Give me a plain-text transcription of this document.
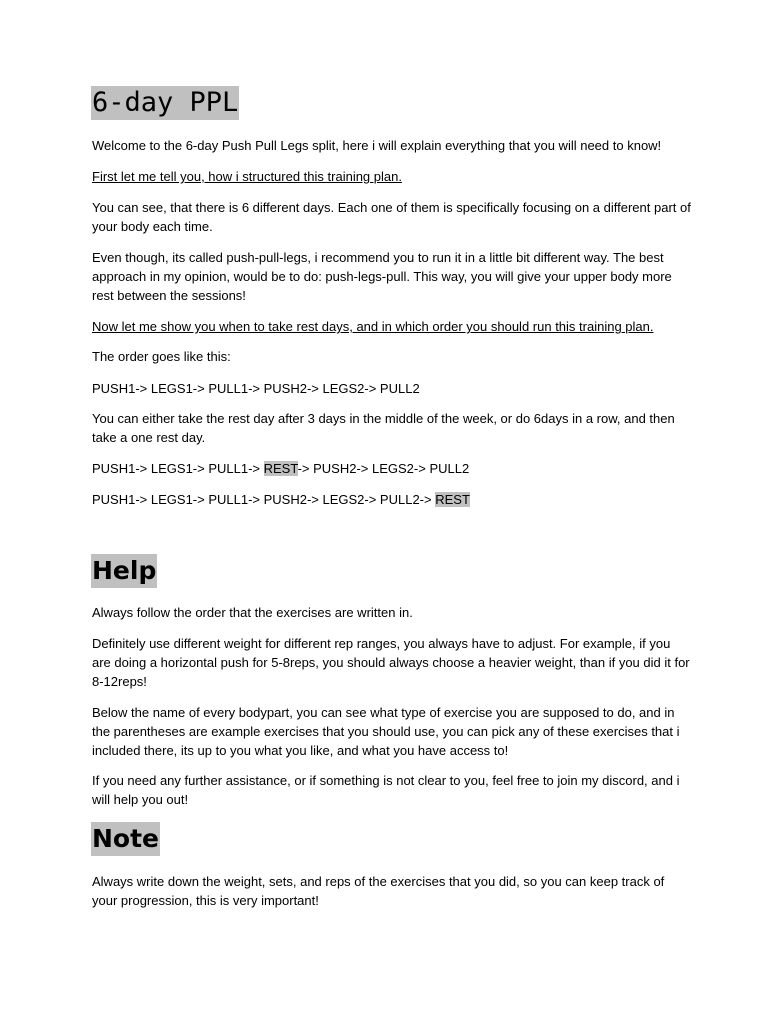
6-day PPL

Welcome to the 6-day Push Pull Legs split, here i will explain everything that you will need to know!

First let me tell you, how i structured this training plan.

You can see, that there is 6 different days. Each one of them is specifically focusing on a different part of your body each time.

Even though, its called push-pull-legs, i recommend you to run it in a little bit different way. The best approach in my opinion, would be to do: push-legs-pull. This way, you will give your upper body more rest between the sessions!

Now let me show you when to take rest days, and in which order you should run this training plan.

The order goes like this:

PUSH1-> LEGS1-> PULL1-> PUSH2-> LEGS2-> PULL2

You can either take the rest day after 3 days in the middle of the week, or do 6days in a row, and then take a one rest day.

PUSH1-> LEGS1-> PULL1-> REST-> PUSH2-> LEGS2-> PULL2

PUSH1-> LEGS1-> PULL1-> PUSH2-> LEGS2-> PULL2-> REST

Help

Always follow the order that the exercises are written in.

Definitely use different weight for different rep ranges, you always have to adjust. For example, if you are doing a horizontal push for 5-8reps, you should always choose a heavier weight, than if you did it for 8-12reps!

Below the name of every bodypart, you can see what type of exercise you are supposed to do, and in the parentheses are example exercises that you should use, you can pick any of these exercises that i included there, its up to you what you like, and what you have access to!

If you need any further assistance, or if something is not clear to you, feel free to join my discord, and i will help you out!

Note

Always write down the weight, sets, and reps of the exercises that you did, so you can keep track of your progression, this is very important!
